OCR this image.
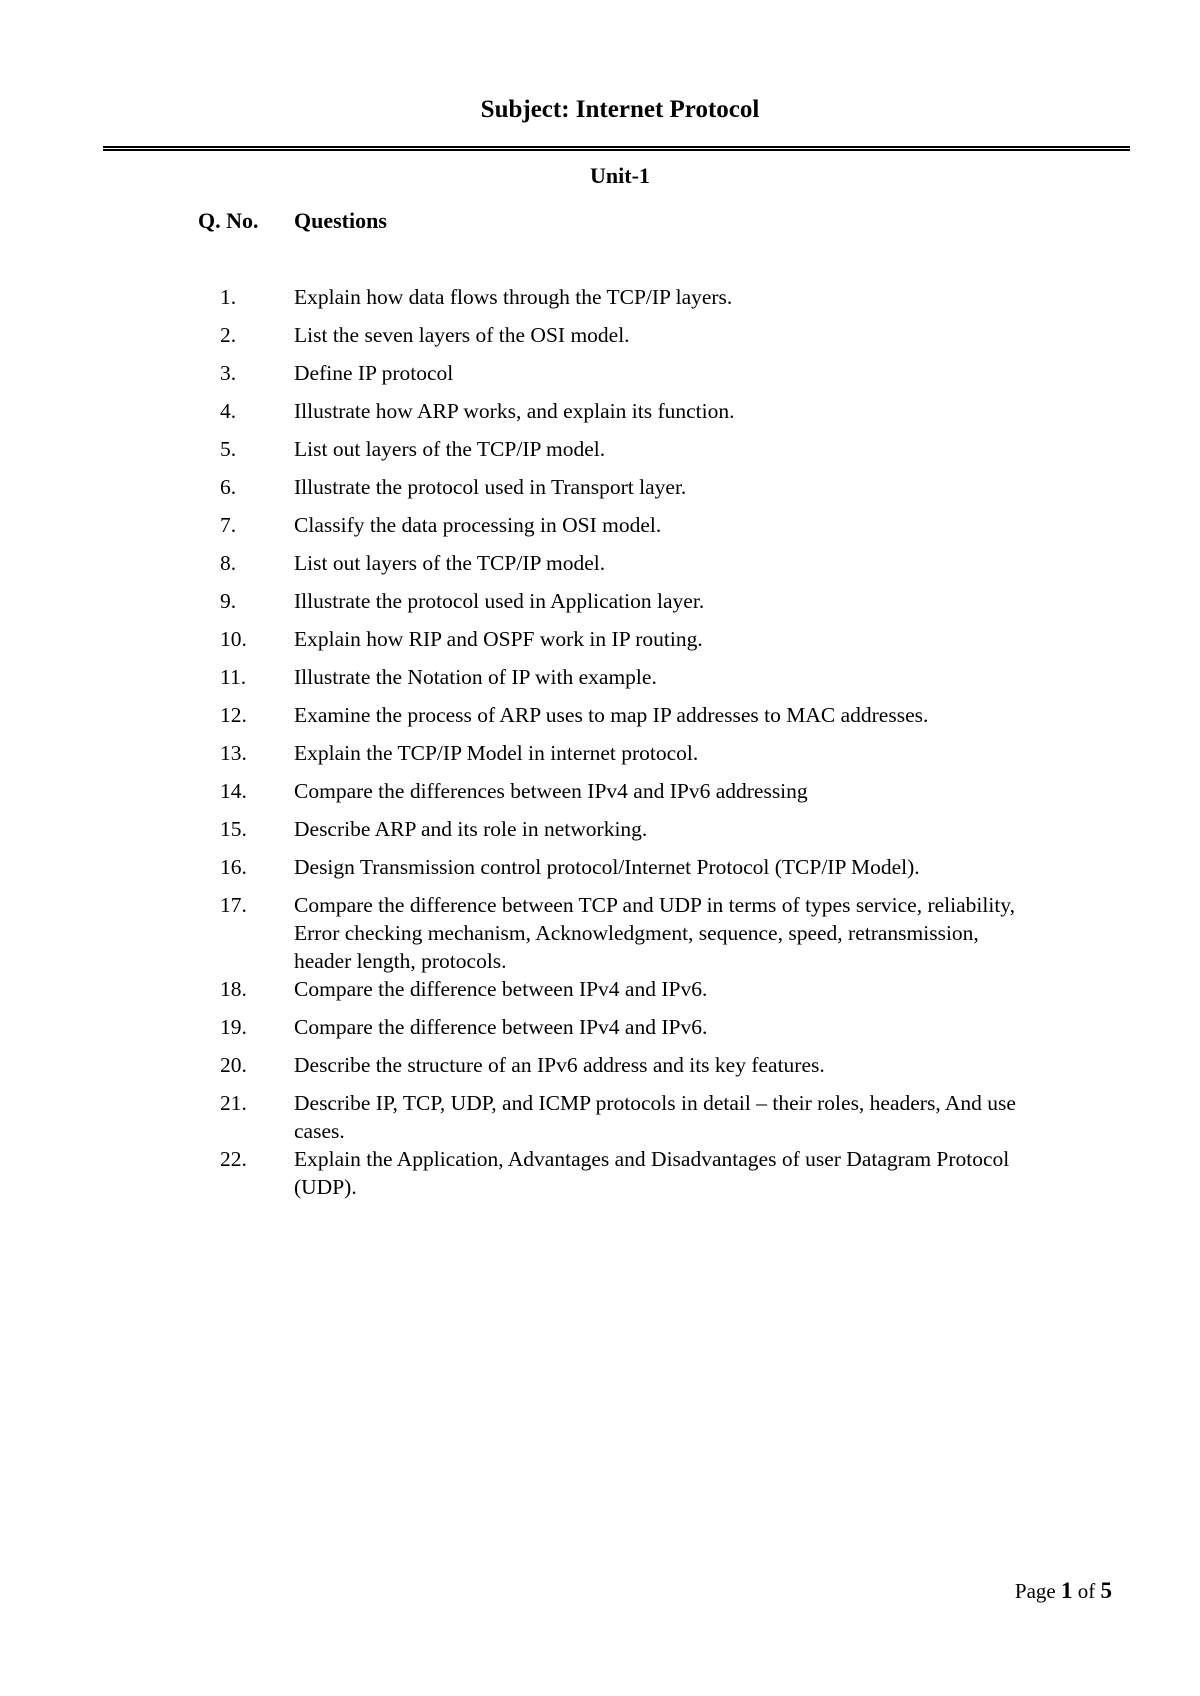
Subject: Internet Protocol
Unit-1
Q. No. Questions
1.	Explain how data flows through the TCP/IP layers.
2.	List the seven layers of the OSI model.
3.	Define IP protocol
4.	Illustrate how ARP works, and explain its function.
5.	List out layers of the TCP/IP model.
6.	Illustrate the protocol used in Transport layer.
7.	Classify the data processing in OSI model.
8.	List out layers of the TCP/IP model.
9.	Illustrate the protocol used in Application layer.
10.	Explain how RIP and OSPF work in IP routing.
11.	Illustrate the Notation of IP with example.
12.	Examine the process of ARP uses to map IP addresses to MAC addresses.
13.	Explain the TCP/IP Model in internet protocol.
14.	Compare the differences between IPv4 and IPv6 addressing
15.	Describe ARP and its role in networking.
16.	Design Transmission control protocol/Internet Protocol (TCP/IP Model).
17.	Compare the difference between TCP and UDP in terms of types service, reliability, Error checking mechanism, Acknowledgment, sequence, speed, retransmission, header length, protocols.
18.	Compare the difference between IPv4 and IPv6.
19.	Compare the difference between IPv4 and IPv6.
20.	Describe the structure of an IPv6 address and its key features.
21.	Describe IP, TCP, UDP, and ICMP protocols in detail – their roles, headers, And use cases.
22.	Explain the Application, Advantages and Disadvantages of user Datagram Protocol (UDP).
Page 1 of 5
